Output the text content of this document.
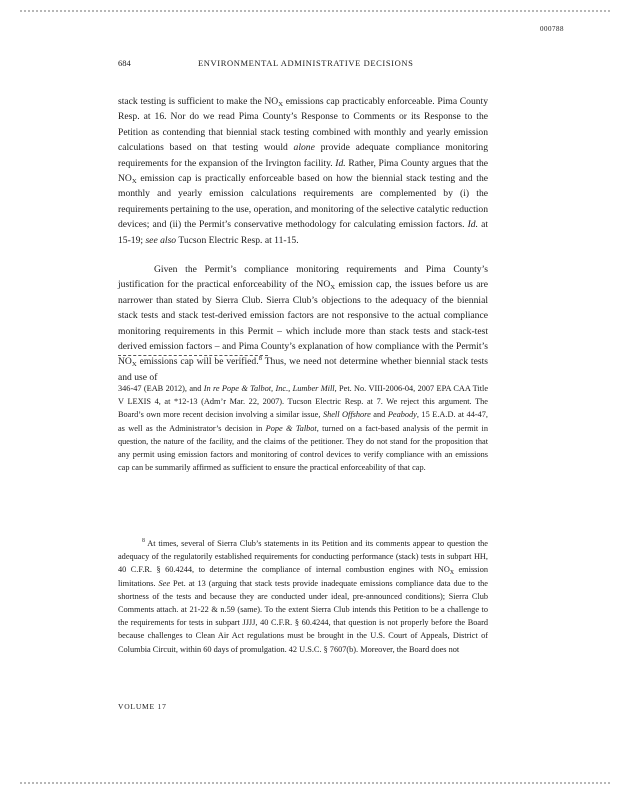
000788
684	ENVIRONMENTAL ADMINISTRATIVE DECISIONS

stack testing is sufficient to make the $NO_X$ emissions cap practicably enforceable. Pima County Resp. at 16. Nor do we read Pima County’s Response to Comments or its Response to the Petition as contending that biennial stack testing combined with monthly and yearly emission calculations based on that testing would alone provide adequate compliance monitoring requirements for the expansion of the Irvington facility. Id. Rather, Pima County argues that the $NO_X$ emission cap is practically enforceable based on how the biennial stack testing and the monthly and yearly emission calculations requirements are complemented by (i) the requirements pertaining to the use, operation, and monitoring of the selective catalytic reduction devices; and (ii) the Permit’s conservative methodology for calculating emission factors. Id. at 15-19; see also Tucson Electric Resp. at 11-15.

Given the Permit’s compliance monitoring requirements and Pima County’s justification for the practical enforceability of the $NO_X$ emission cap, the issues before us are narrower than stated by Sierra Club. Sierra Club’s objections to the adequacy of the biennial stack tests and stack test-derived emission factors are not responsive to the actual compliance monitoring requirements in this Permit – which include more than stack tests and stack-test derived emission factors – and Pima County’s explanation of how compliance with the Permit’s $NO_X$ emissions cap will be verified.$^8$ Thus, we need not determine whether biennial stack tests and use of

346-47 (EAB 2012), and In re Pope & Talbot, Inc., Lumber Mill, Pet. No. VIII-2006-04, 2007 EPA CAA Title V LEXIS 4, at *12-13 (Adm’r Mar. 22, 2007). Tucson Electric Resp. at 7. We reject this argument. The Board’s own more recent decision involving a similar issue, Shell Offshore and Peabody, 15 E.A.D. at 44-47, as well as the Administrator’s decision in Pope & Talbot, turned on a fact-based analysis of the permit in question, the nature of the facility, and the claims of the petitioner. They do not stand for the proposition that any permit using emission factors and monitoring of control devices to verify compliance with an emissions cap can be summarily affirmed as sufficient to ensure the practical enforceability of that cap.

$^8$ At times, several of Sierra Club’s statements in its Petition and its comments appear to question the adequacy of the regulatorily established requirements for conducting performance (stack) tests in subpart HH, 40 C.F.R. § 60.4244, to determine the compliance of internal combustion engines with $NO_X$ emission limitations. See Pet. at 13 (arguing that stack tests provide inadequate emissions compliance data due to the shortness of the tests and because they are conducted under ideal, pre-announced conditions); Sierra Club Comments attach. at 21-22 & n.59 (same). To the extent Sierra Club intends this Petition to be a challenge to the requirements for tests in subpart JJJJ, 40 C.F.R. § 60.4244, that question is not properly before the Board because challenges to Clean Air Act regulations must be brought in the U.S. Court of Appeals, District of Columbia Circuit, within 60 days of promulgation. 42 U.S.C. § 7607(b). Moreover, the Board does not

VOLUME 17
